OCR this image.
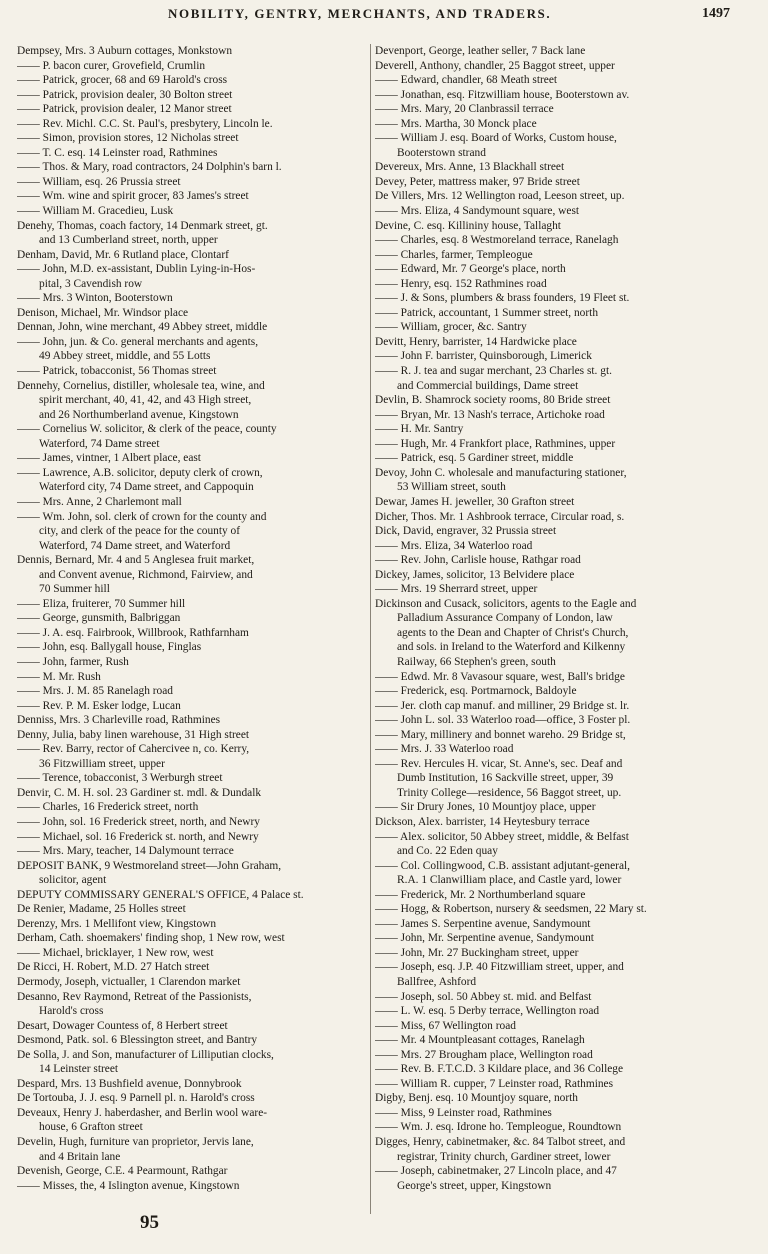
NOBILITY, GENTRY, MERCHANTS, AND TRADERS.	1497

Dempsey, Mrs. 3 Auburn cottages, Monkstown

—— P. bacon curer, Grovefield, Crumlin

—— Patrick, grocer, 68 and 69 Harold's cross

—— Patrick, provision dealer, 30 Bolton street

—— Patrick, provision dealer, 12 Manor street

—— Rev. Michl. C.C. St. Paul's, presbytery, Lincoln le.

—— Simon, provision stores, 12 Nicholas street

—— T. C. esq. 14 Leinster road, Rathmines

—— Thos. & Mary, road contractors, 24 Dolphin's barn l.

—— William, esq. 26 Prussia street

—— Wm. wine and spirit grocer, 83 James's street

—— William M. Gracedieu, Lusk

Denehy, Thomas, coach factory, 14 Denmark street, gt.

and 13 Cumberland street, north, upper

Denham, David, Mr. 6 Rutland place, Clontarf

—— John, M.D. ex-assistant, Dublin Lying-in-Hos-

pital, 3 Cavendish row

—— Mrs. 3 Winton, Booterstown

Denison, Michael, Mr. Windsor place

Dennan, John, wine merchant, 49 Abbey street, middle

—— John, jun. & Co. general merchants and agents,

49 Abbey street, middle, and 55 Lotts

—— Patrick, tobacconist, 56 Thomas street

Dennehy, Cornelius, distiller, wholesale tea, wine, and

spirit merchant, 40, 41, 42, and 43 High street,

and 26 Northumberland avenue, Kingstown

—— Cornelius W. solicitor, & clerk of the peace, county

Waterford, 74 Dame street

—— James, vintner, 1 Albert place, east

—— Lawrence, A.B. solicitor, deputy clerk of crown,

Waterford city, 74 Dame street, and Cappoquin

—— Mrs. Anne, 2 Charlemont mall

—— Wm. John, sol. clerk of crown for the county and

city, and clerk of the peace for the county of

Waterford, 74 Dame street, and Waterford

Dennis, Bernard, Mr. 4 and 5 Anglesea fruit market,

and Convent avenue, Richmond, Fairview, and

70 Summer hill

—— Eliza, fruiterer, 70 Summer hill

—— George, gunsmith, Balbriggan

—— J. A. esq. Fairbrook, Willbrook, Rathfarnham

—— John, esq. Ballygall house, Finglas

—— John, farmer, Rush

—— M. Mr. Rush

—— Mrs. J. M. 85 Ranelagh road

—— Rev. P. M. Esker lodge, Lucan

Denniss, Mrs. 3 Charleville road, Rathmines

Denny, Julia, baby linen warehouse, 31 High street

—— Rev. Barry, rector of Cahercivee n, co. Kerry,

36 Fitzwilliam street, upper

—— Terence, tobacconist, 3 Werburgh street

Denvir, C. M. H. sol. 23 Gardiner st. mdl. & Dundalk

—— Charles, 16 Frederick street, north

—— John, sol. 16 Frederick street, north, and Newry

—— Michael, sol. 16 Frederick st. north, and Newry

—— Mrs. Mary, teacher, 14 Dalymount terrace

DEPOSIT BANK, 9 Westmoreland street—John Graham,

solicitor, agent

DEPUTY COMMISSARY GENERAL'S OFFICE, 4 Palace st.

De Renier, Madame, 25 Holles street

Derenzy, Mrs. 1 Mellifont view, Kingstown

Derham, Cath. shoemakers' finding shop, 1 New row, west

—— Michael, bricklayer, 1 New row, west

De Ricci, H. Robert, M.D. 27 Hatch street

Dermody, Joseph, victualler, 1 Clarendon market

Desanno, Rev Raymond, Retreat of the Passionists,

Harold's cross

Desart, Dowager Countess of, 8 Herbert street

Desmond, Patk. sol. 6 Blessington street, and Bantry

De Solla, J. and Son, manufacturer of Lilliputian clocks,

14 Leinster street

Despard, Mrs. 13 Bushfield avenue, Donnybrook

De Tortouba, J. J. esq. 9 Parnell pl. n. Harold's cross

Deveaux, Henry J. haberdasher, and Berlin wool ware-

house, 6 Grafton street

Develin, Hugh, furniture van proprietor, Jervis lane,

and 4 Britain lane

Devenish, George, C.E. 4 Pearmount, Rathgar

—— Misses, the, 4 Islington avenue, Kingstown

Devenport, George, leather seller, 7 Back lane

Deverell, Anthony, chandler, 25 Baggot street, upper

—— Edward, chandler, 68 Meath street

—— Jonathan, esq. Fitzwilliam house, Booterstown av.

—— Mrs. Mary, 20 Clanbrassil terrace

—— Mrs. Martha, 30 Monck place

—— William J. esq. Board of Works, Custom house,

Booterstown strand

Devereux, Mrs. Anne, 13 Blackhall street

Devey, Peter, mattress maker, 97 Bride street

De Villers, Mrs. 12 Wellington road, Leeson street, up.

—— Mrs. Eliza, 4 Sandymount square, west

Devine, C. esq. Killininy house, Tallaght

—— Charles, esq. 8 Westmoreland terrace, Ranelagh

—— Charles, farmer, Templeogue

—— Edward, Mr. 7 George's place, north

—— Henry, esq. 152 Rathmines road

—— J. & Sons, plumbers & brass founders, 19 Fleet st.

—— Patrick, accountant, 1 Summer street, north

—— William, grocer, &c. Santry

Devitt, Henry, barrister, 14 Hardwicke place

—— John F. barrister, Quinsborough, Limerick

—— R. J. tea and sugar merchant, 23 Charles st. gt.

and Commercial buildings, Dame street

Devlin, B. Shamrock society rooms, 80 Bride street

—— Bryan, Mr. 13 Nash's terrace, Artichoke road

—— H. Mr. Santry

—— Hugh, Mr. 4 Frankfort place, Rathmines, upper

—— Patrick, esq. 5 Gardiner street, middle

Devoy, John C. wholesale and manufacturing stationer,

53 William street, south

Dewar, James H. jeweller, 30 Grafton street

Dicher, Thos. Mr. 1 Ashbrook terrace, Circular road, s.

Dick, David, engraver, 32 Prussia street

—— Mrs. Eliza, 34 Waterloo road

—— Rev. John, Carlisle house, Rathgar road

Dickey, James, solicitor, 13 Belvidere place

—— Mrs. 19 Sherrard street, upper

Dickinson and Cusack, solicitors, agents to the Eagle and

Palladium Assurance Company of London, law

agents to the Dean and Chapter of Christ's Church,

and sols. in Ireland to the Waterford and Kilkenny

Railway, 66 Stephen's green, south

—— Edwd. Mr. 8 Vavasour square, west, Ball's bridge

—— Frederick, esq. Portmarnock, Baldoyle

—— Jer. cloth cap manuf. and milliner, 29 Bridge st. lr.

—— John L. sol. 33 Waterloo road—office, 3 Foster pl.

—— Mary, millinery and bonnet wareho. 29 Bridge st,

—— Mrs. J. 33 Waterloo road

—— Rev. Hercules H. vicar, St. Anne's, sec. Deaf and

Dumb Institution, 16 Sackville street, upper, 39

Trinity College—residence, 56 Baggot street, up.

—— Sir Drury Jones, 10 Mountjoy place, upper

Dickson, Alex. barrister, 14 Heytesbury terrace

—— Alex. solicitor, 50 Abbey street, middle, & Belfast

and Co. 22 Eden quay

—— Col. Collingwood, C.B. assistant adjutant-general,

R.A. 1 Clanwilliam place, and Castle yard, lower

—— Frederick, Mr. 2 Northumberland square

—— Hogg, & Robertson, nursery & seedsmen, 22 Mary st.

—— James S. Serpentine avenue, Sandymount

—— John, Mr. Serpentine avenue, Sandymount

—— John, Mr. 27 Buckingham street, upper

—— Joseph, esq. J.P. 40 Fitzwilliam street, upper, and

Ballfree, Ashford

—— Joseph, sol. 50 Abbey st. mid. and Belfast

—— L. W. esq. 5 Derby terrace, Wellington road

—— Miss, 67 Wellington road

—— Mr. 4 Mountpleasant cottages, Ranelagh

—— Mrs. 27 Brougham place, Wellington road

—— Rev. B. F.T.C.D. 3 Kildare place, and 36 College

—— William R. cupper, 7 Leinster road, Rathmines

Digby, Benj. esq. 10 Mountjoy square, north

—— Miss, 9 Leinster road, Rathmines

—— Wm. J. esq. Idrone ho. Templeogue, Roundtown

Digges, Henry, cabinetmaker, &c. 84 Talbot street, and

registrar, Trinity church, Gardiner street, lower

—— Joseph, cabinetmaker, 27 Lincoln place, and 47

George's street, upper, Kingstown

95
